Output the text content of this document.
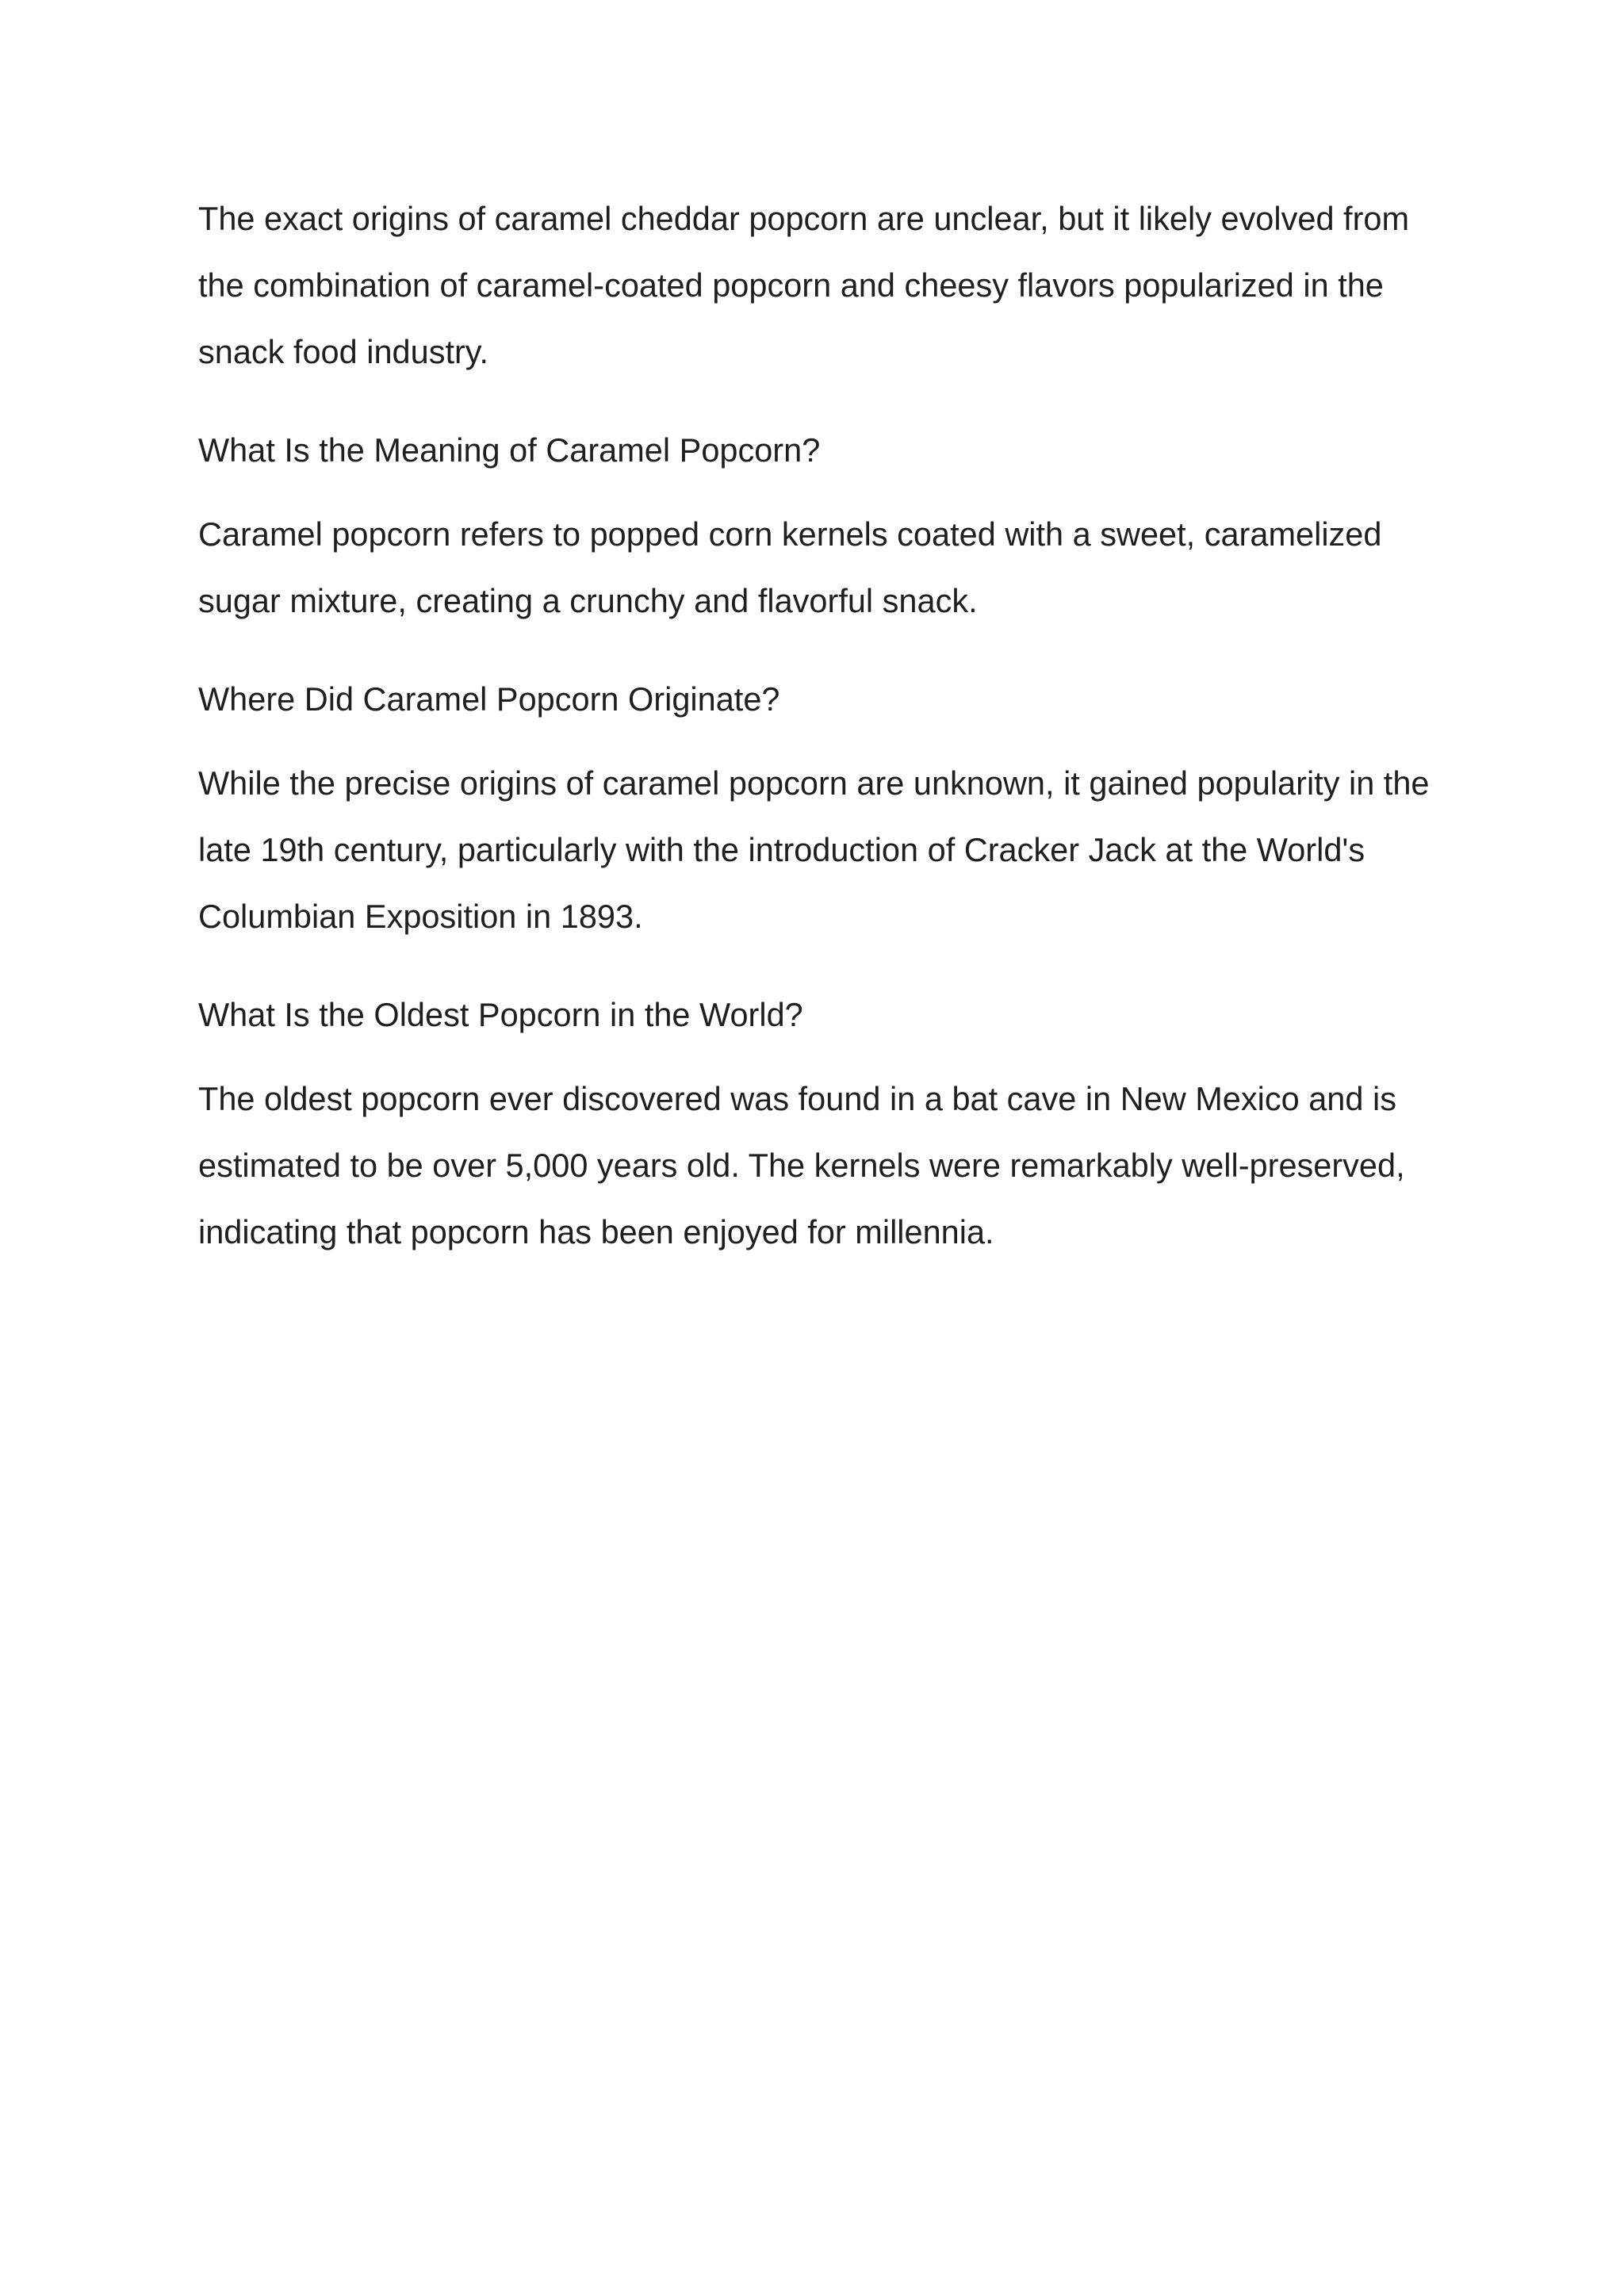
The exact origins of caramel cheddar popcorn are unclear, but it likely evolved from the combination of caramel-coated popcorn and cheesy flavors popularized in the snack food industry.

What Is the Meaning of Caramel Popcorn?

Caramel popcorn refers to popped corn kernels coated with a sweet, caramelized sugar mixture, creating a crunchy and flavorful snack.

Where Did Caramel Popcorn Originate?

While the precise origins of caramel popcorn are unknown, it gained popularity in the late 19th century, particularly with the introduction of Cracker Jack at the World's Columbian Exposition in 1893.

What Is the Oldest Popcorn in the World?

The oldest popcorn ever discovered was found in a bat cave in New Mexico and is estimated to be over 5,000 years old. The kernels were remarkably well-preserved, indicating that popcorn has been enjoyed for millennia.
